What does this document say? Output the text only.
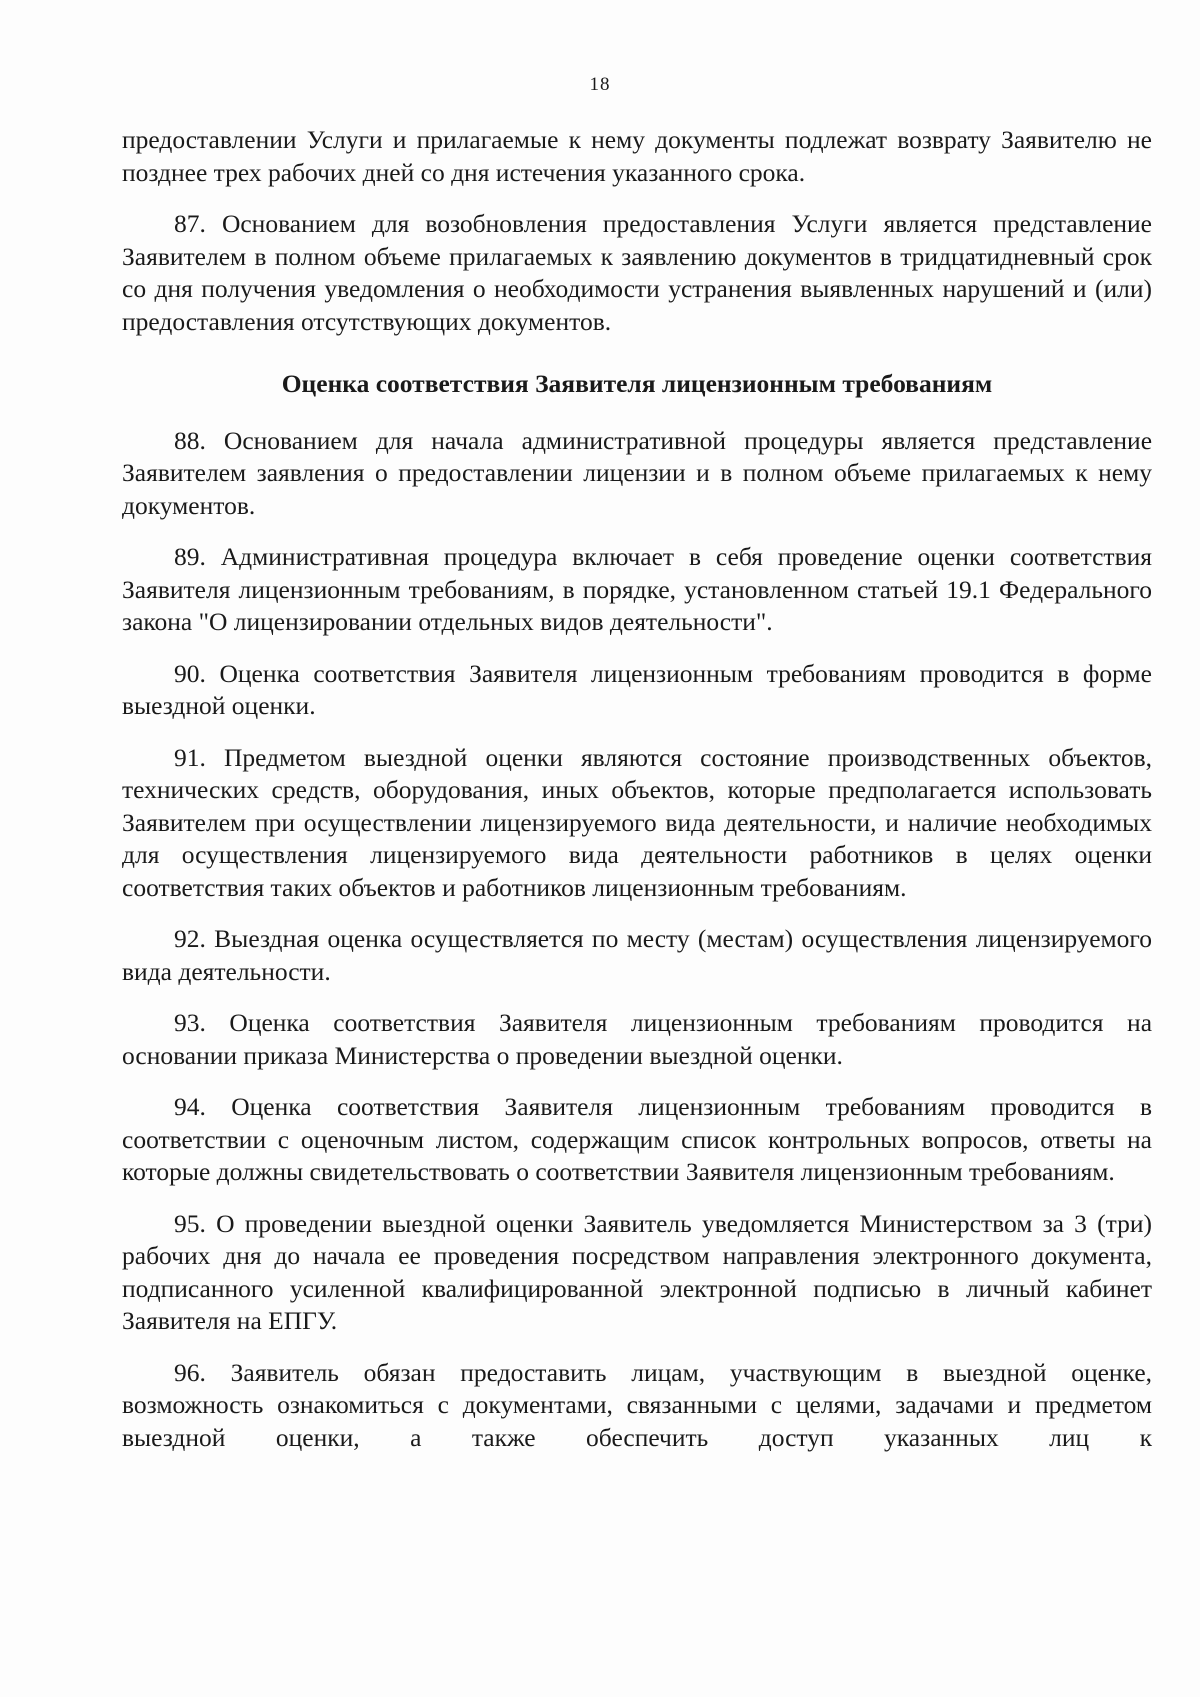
18

предоставлении Услуги и прилагаемые к нему документы подлежат возврату Заявителю не позднее трех рабочих дней со дня истечения указанного срока.

87. Основанием для возобновления предоставления Услуги является представление Заявителем в полном объеме прилагаемых к заявлению документов в тридцатидневный срок со дня получения уведомления о необходимости устранения выявленных нарушений и (или) предоставления отсутствующих документов.

Оценка соответствия Заявителя лицензионным требованиям

88. Основанием для начала административной процедуры является представление Заявителем заявления о предоставлении лицензии и в полном объеме прилагаемых к нему документов.

89. Административная процедура включает в себя проведение оценки соответствия Заявителя лицензионным требованиям, в порядке, установленном статьей 19.1 Федерального закона "О лицензировании отдельных видов деятельности".

90. Оценка соответствия Заявителя лицензионным требованиям проводится в форме выездной оценки.

91. Предметом выездной оценки являются состояние производственных объектов, технических средств, оборудования, иных объектов, которые предполагается использовать Заявителем при осуществлении лицензируемого вида деятельности, и наличие необходимых для осуществления лицензируемого вида деятельности работников в целях оценки соответствия таких объектов и работников лицензионным требованиям.

92. Выездная оценка осуществляется по месту (местам) осуществления лицензируемого вида деятельности.

93. Оценка соответствия Заявителя лицензионным требованиям проводится на основании приказа Министерства о проведении выездной оценки.

94. Оценка соответствия Заявителя лицензионным требованиям проводится в соответствии с оценочным листом, содержащим список контрольных вопросов, ответы на которые должны свидетельствовать о соответствии Заявителя лицензионным требованиям.

95. О проведении выездной оценки Заявитель уведомляется Министерством за 3 (три) рабочих дня до начала ее проведения посредством направления электронного документа, подписанного усиленной квалифицированной электронной подписью в личный кабинет Заявителя на ЕПГУ.

96. Заявитель обязан предоставить лицам, участвующим в выездной оценке, возможность ознакомиться с документами, связанными с целями, задачами и предметом выездной оценки, а также обеспечить доступ указанных лиц к
